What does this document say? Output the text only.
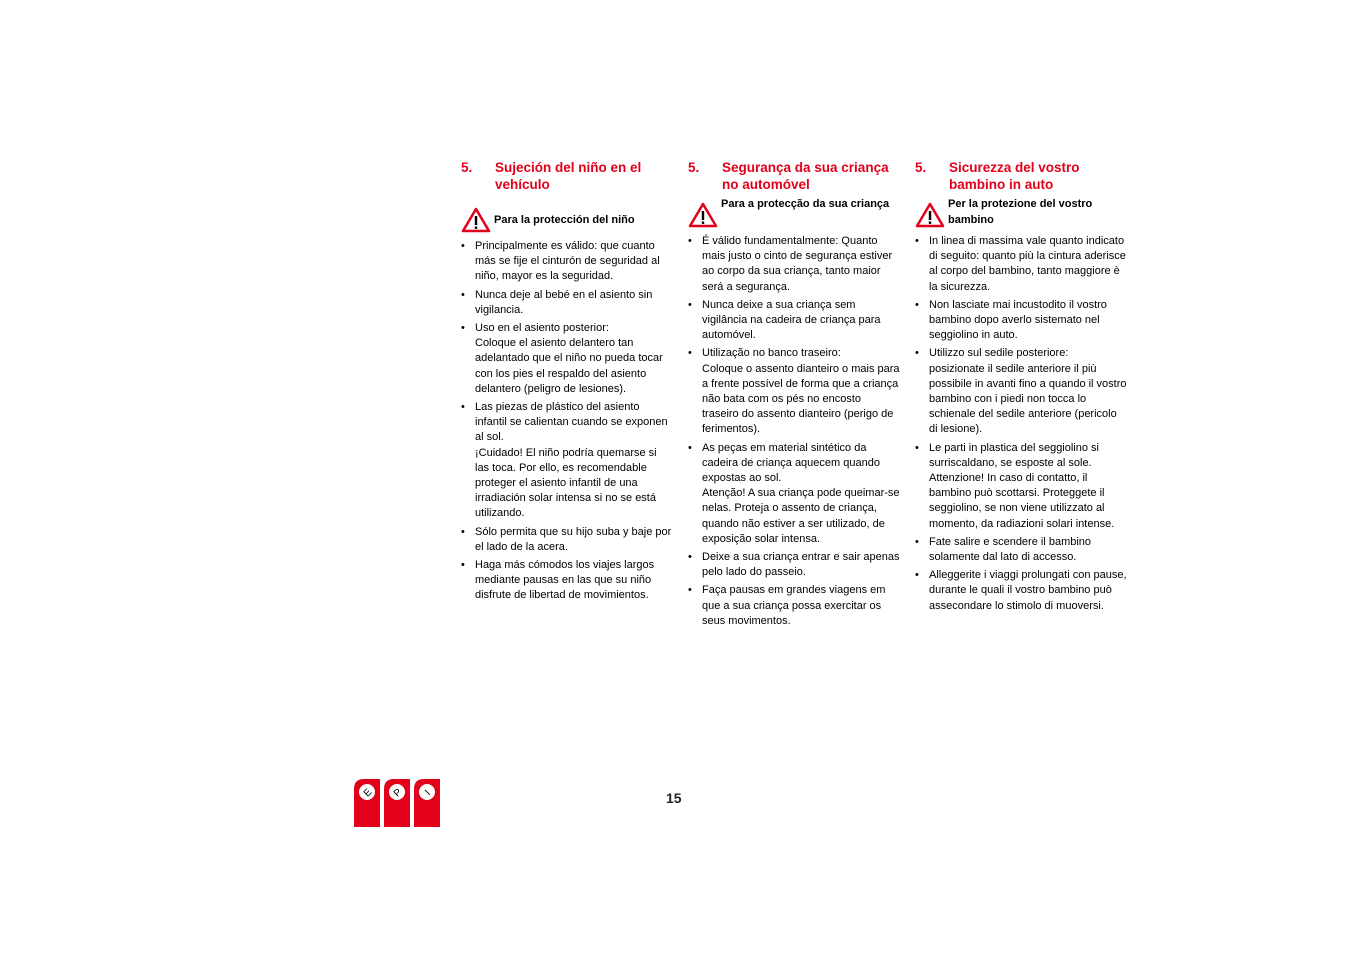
5.	Sujeción del niño en el vehículo
Para la protección del niño
• Principalmente es válido: que cuanto más se fije el cinturón de seguridad al niño, mayor es la seguridad.
• Nunca deje al bebé en el asiento sin vigilancia.
• Uso en el asiento posterior:
Coloque el asiento delantero tan adelantado que el niño no pueda tocar con los pies el respaldo del asiento delantero (peligro de lesiones).
• Las piezas de plástico del asiento infantil se calientan cuando se exponen al sol.
¡Cuidado! El niño podría quemarse si las toca. Por ello, es recomendable proteger el asiento infantil de una irradiación solar intensa si no se está utilizando.
• Sólo permita que su hijo suba y baje por el lado de la acera.
• Haga más cómodos los viajes largos mediante pausas en las que su niño disfrute de libertad de movimientos.
5.	Segurança da sua criança no automóvel
Para a protecção da sua criança
• É válido fundamentalmente: Quanto mais justo o cinto de segurança estiver ao corpo da sua criança, tanto maior será a segurança.
• Nunca deixe a sua criança sem vigilância na cadeira de criança para automóvel.
• Utilização no banco traseiro:
Coloque o assento dianteiro o mais para a frente possível de forma que a criança não bata com os pés no encosto traseiro do assento dianteiro (perigo de ferimentos).
• As peças em material sintético da cadeira de criança aquecem quando expostas ao sol.
Atenção! A sua criança pode queimar-se nelas. Proteja o assento de criança, quando não estiver a ser utilizado, de exposição solar intensa.
• Deixe a sua criança entrar e sair apenas pelo lado do passeio.
• Faça pausas em grandes viagens em que a sua criança possa exercitar os seus movimentos.
5.	Sicurezza del vostro bambino in auto
Per la protezione del vostro bambino
• In linea di massima vale quanto indicato di seguito: quanto più la cintura aderisce al corpo del bambino, tanto maggiore è la sicurezza.
• Non lasciate mai incustodito il vostro bambino dopo averlo sistemato nel seggiolino in auto.
• Utilizzo sul sedile posteriore: posizionate il sedile anteriore il più possibile in avanti fino a quando il vostro bambino con i piedi non tocca lo schienale del sedile anteriore (pericolo di lesione).
• Le parti in plastica del seggiolino si surriscaldano, se esposte al sole. Attenzione! In caso di contatto, il bambino può scottarsi. Proteggete il seggiolino, se non viene utilizzato al momento, da radiazioni solari intense.
• Fate salire e scendere il bambino solamente dal lato di accesso.
• Alleggerite i viaggi prolungati con pause, durante le quali il vostro bambino può assecondare lo stimolo di muoversi.
E P I	15
